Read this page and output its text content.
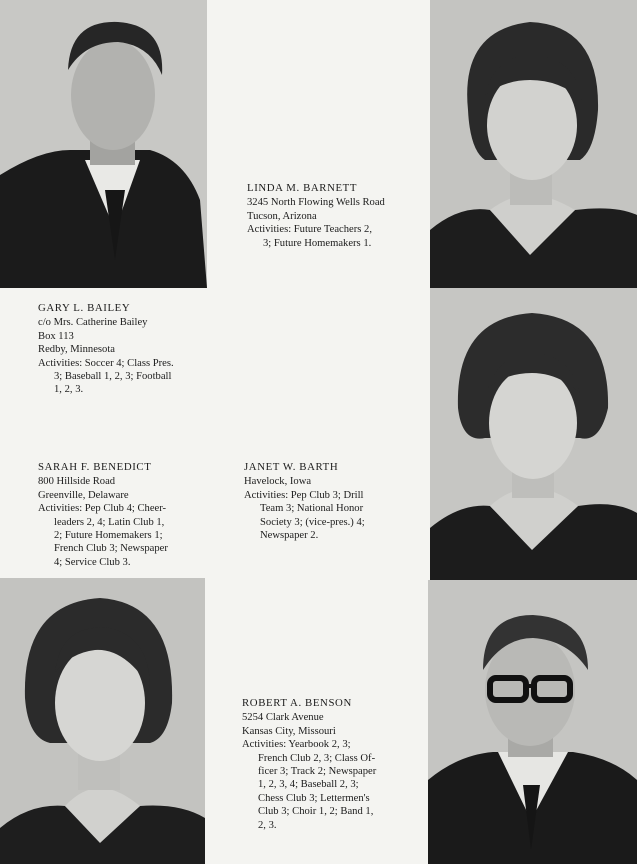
LINDA M. BARNETT
3245 North Flowing Wells Road
Tucson, Arizona
Activities: Future Teachers 2,
3; Future Homemakers 1.
GARY L. BAILEY
c/o Mrs. Catherine Bailey
Box 113
Redby, Minnesota
Activities: Soccer 4; Class Pres.
3; Baseball 1, 2, 3; Football
1, 2, 3.
SARAH F. BENEDICT
800 Hillside Road
Greenville, Delaware
Activities: Pep Club 4; Cheer-
leaders 2, 4; Latin Club 1,
2; Future Homemakers 1;
French Club 3; Newspaper
4; Service Club 3.
JANET W. BARTH
Havelock, Iowa
Activities: Pep Club 3; Drill
Team 3; National Honor
Society 3; (vice-pres.) 4;
Newspaper 2.
ROBERT A. BENSON
5254 Clark Avenue
Kansas City, Missouri
Activities: Yearbook 2, 3;
French Club 2, 3; Class Of-
ficer 3; Track 2; Newspaper
1, 2, 3, 4; Baseball 2, 3;
Chess Club 3; Lettermen's
Club 3; Choir 1, 2; Band 1,
2, 3.
